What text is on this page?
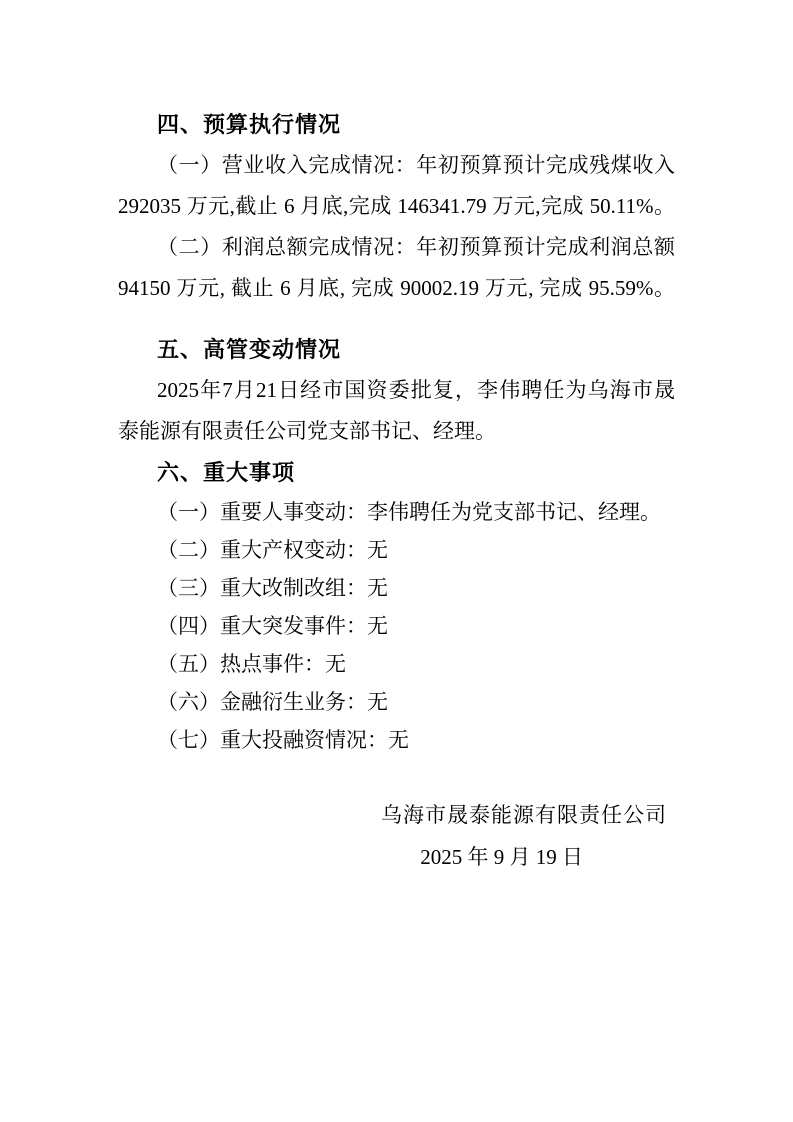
四、预算执行情况
（一）营业收入完成情况：年初预算预计完成残煤收入
292035 万元,截止 6 月底,完成 146341.79 万元,完成 50.11%。
（二）利润总额完成情况：年初预算预计完成利润总额
94150 万元, 截止 6 月底, 完成 90002.19 万元, 完成 95.59%。
五、高管变动情况
2025年7月21日经市国资委批复，李伟聘任为乌海市晟
泰能源有限责任公司党支部书记、经理。
六、重大事项
（一）重要人事变动：李伟聘任为党支部书记、经理。
（二）重大产权变动：无
（三）重大改制改组：无
（四）重大突发事件：无
（五）热点事件：无
（六）金融衍生业务：无
（七）重大投融资情况：无
乌海市晟泰能源有限责任公司
2025 年 9 月 19 日
